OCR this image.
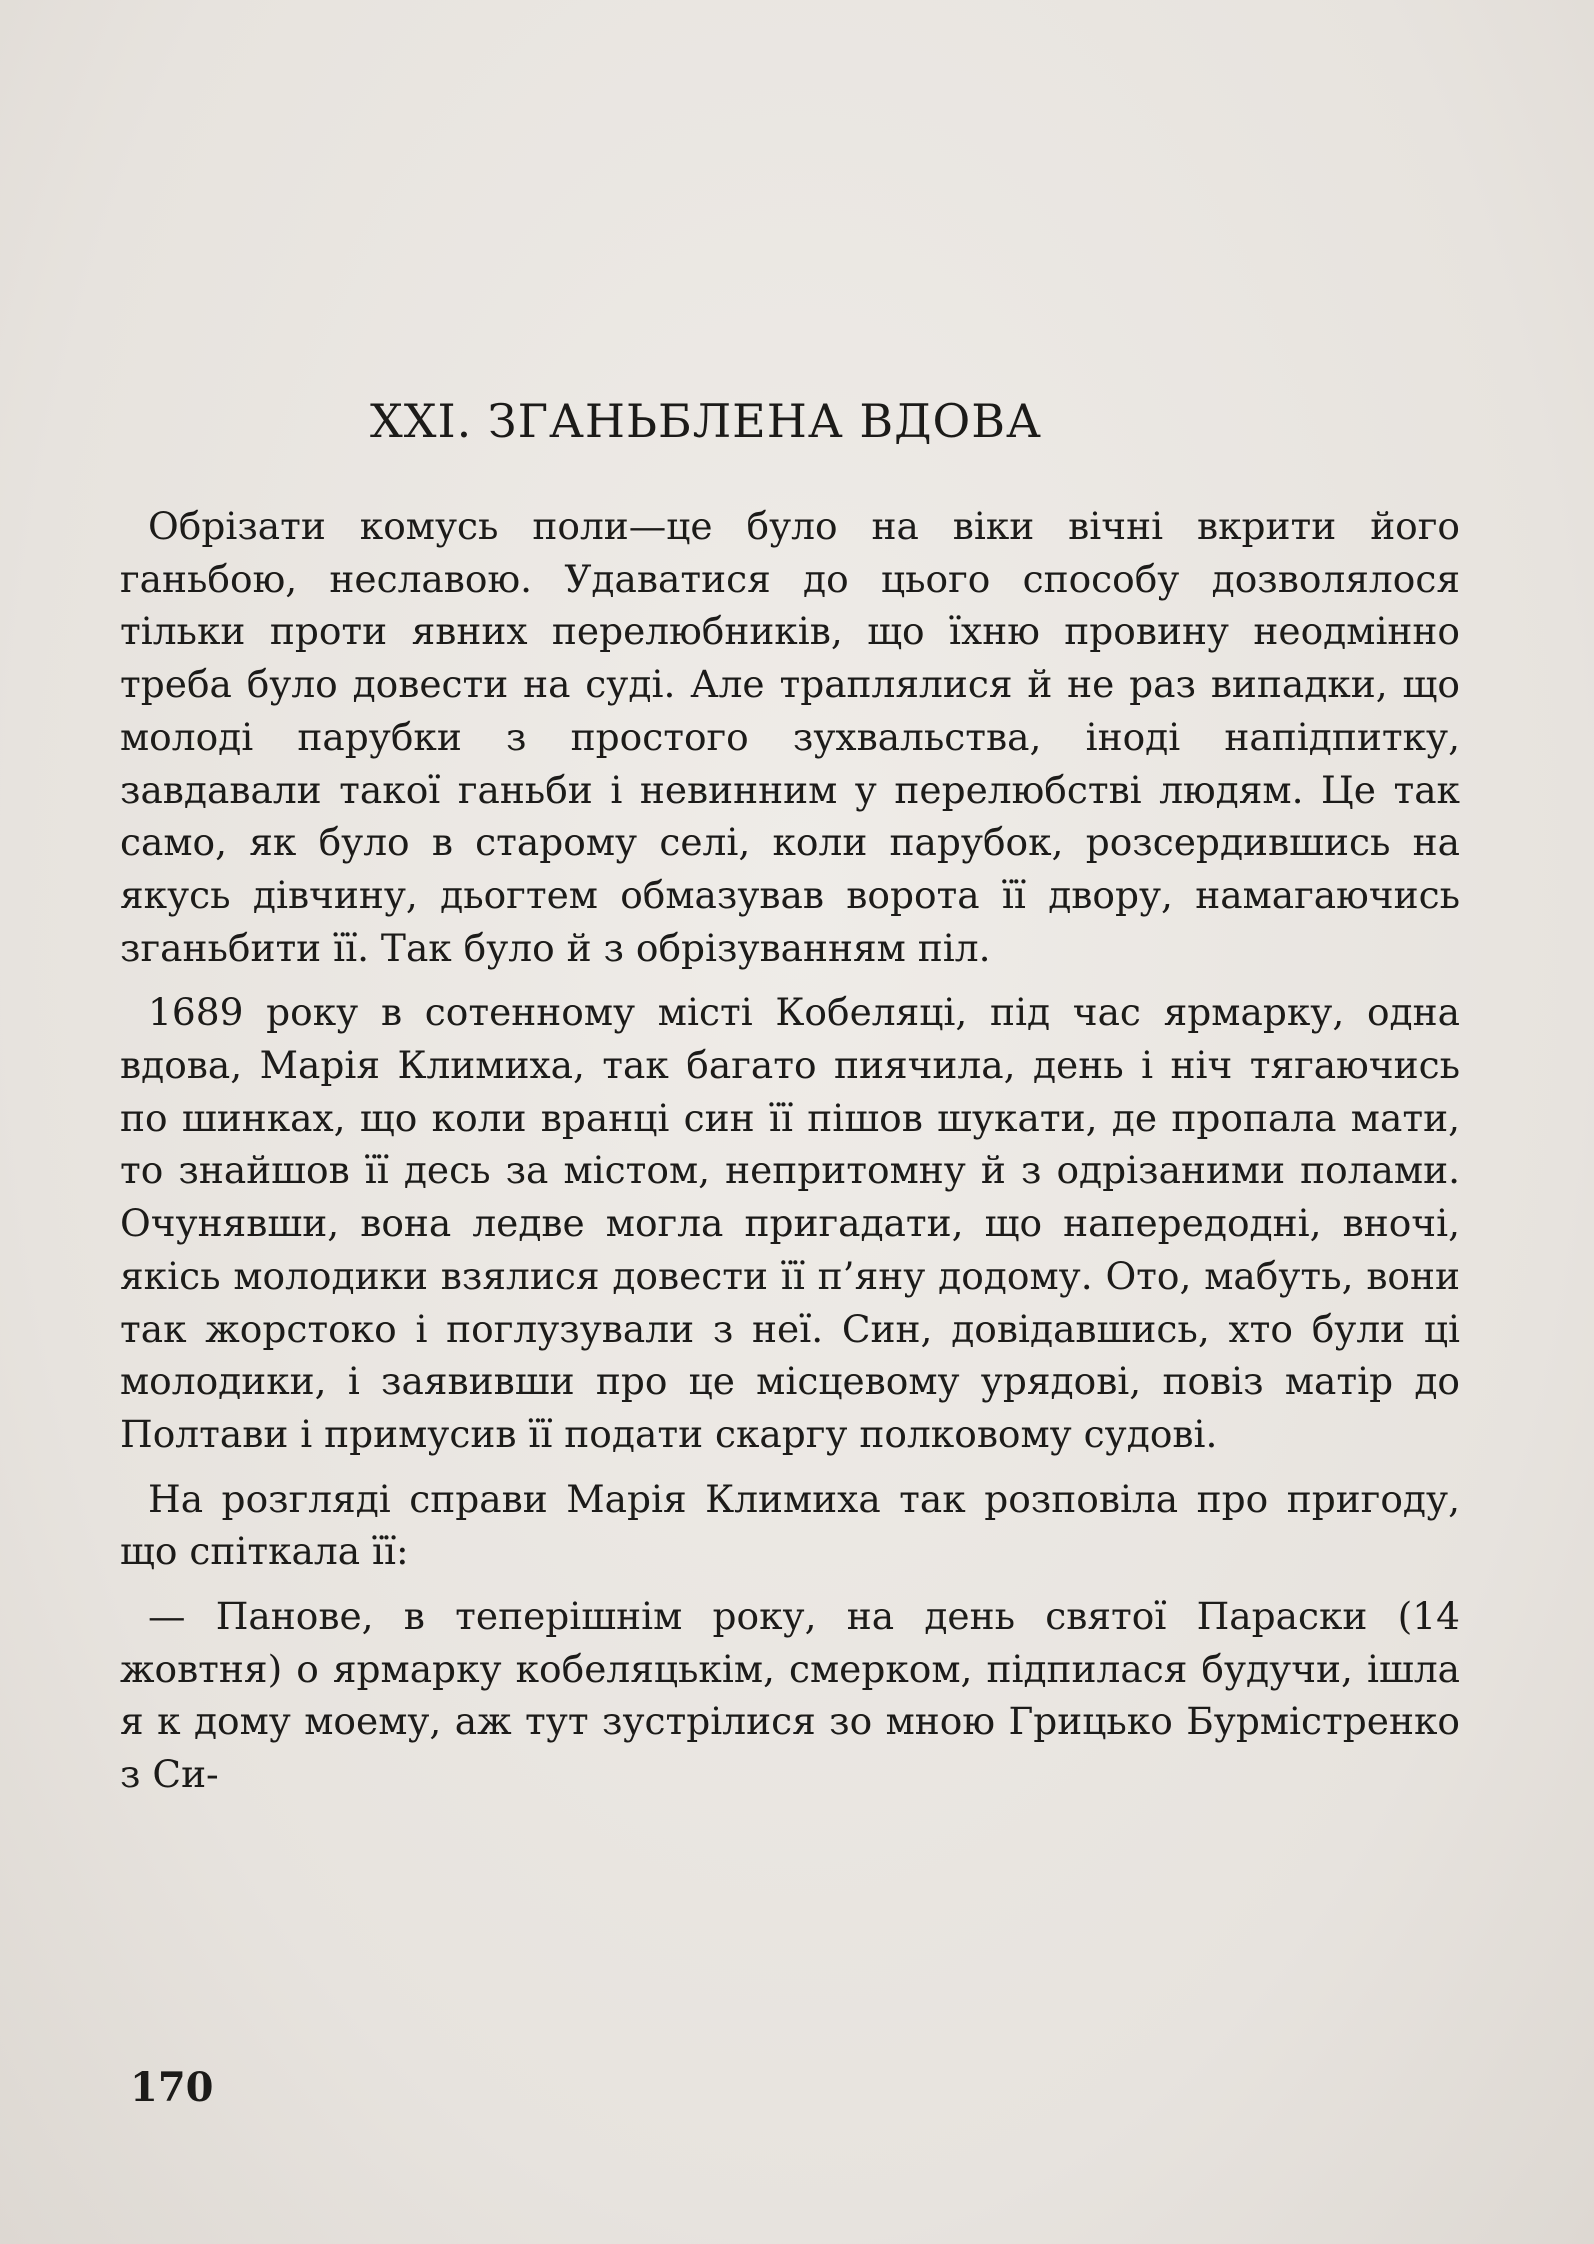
XXI. ЗГАНЬБЛЕНА ВДОВА

Обрізати комусь поли—це було на віки вічні вкрити його ганьбою, неславою. Удаватися до цього способу дозволялося тільки проти явних перелюбників, що їхню провину неодмінно треба було довести на суді. Але траплялися й не раз випадки, що молоді парубки з простого зухвальства, іноді напідпитку, завдавали такої ганьби і невинним у перелюбстві людям. Це так само, як було в старому селі, коли парубок, розсердившись на якусь дівчину, дьогтем обмазував ворота її двору, намагаючись зганьбити її. Так було й з обрізуванням піл.

1689 року в сотенному місті Кобеляці, під час ярмарку, одна вдова, Марія Климиха, так багато пиячила, день і ніч тягаючись по шинках, що коли вранці син її пішов шукати, де пропала мати, то знайшов її десь за містом, непритомну й з одрізаними полами. Очунявши, вона ледве могла пригадати, що напередодні, вночі, якісь молодики взялися довести її п’яну додому. Ото, мабуть, вони так жорстоко і поглузували з неї. Син, довідавшись, хто були ці молодики, і заявивши про це місцевому урядові, повіз матір до Полтави і примусив її подати скаргу полковому судові.

На розгляді справи Марія Климиха так розповіла про пригоду, що спіткала її:

— Панове, в теперішнім року, на день святої Параски (14 жовтня) о ярмарку кобеляцькім, смерком, підпилася будучи, ішла я к дому моему, аж тут зустрілися зо мною Грицько Бурмістренко з Си-

170
